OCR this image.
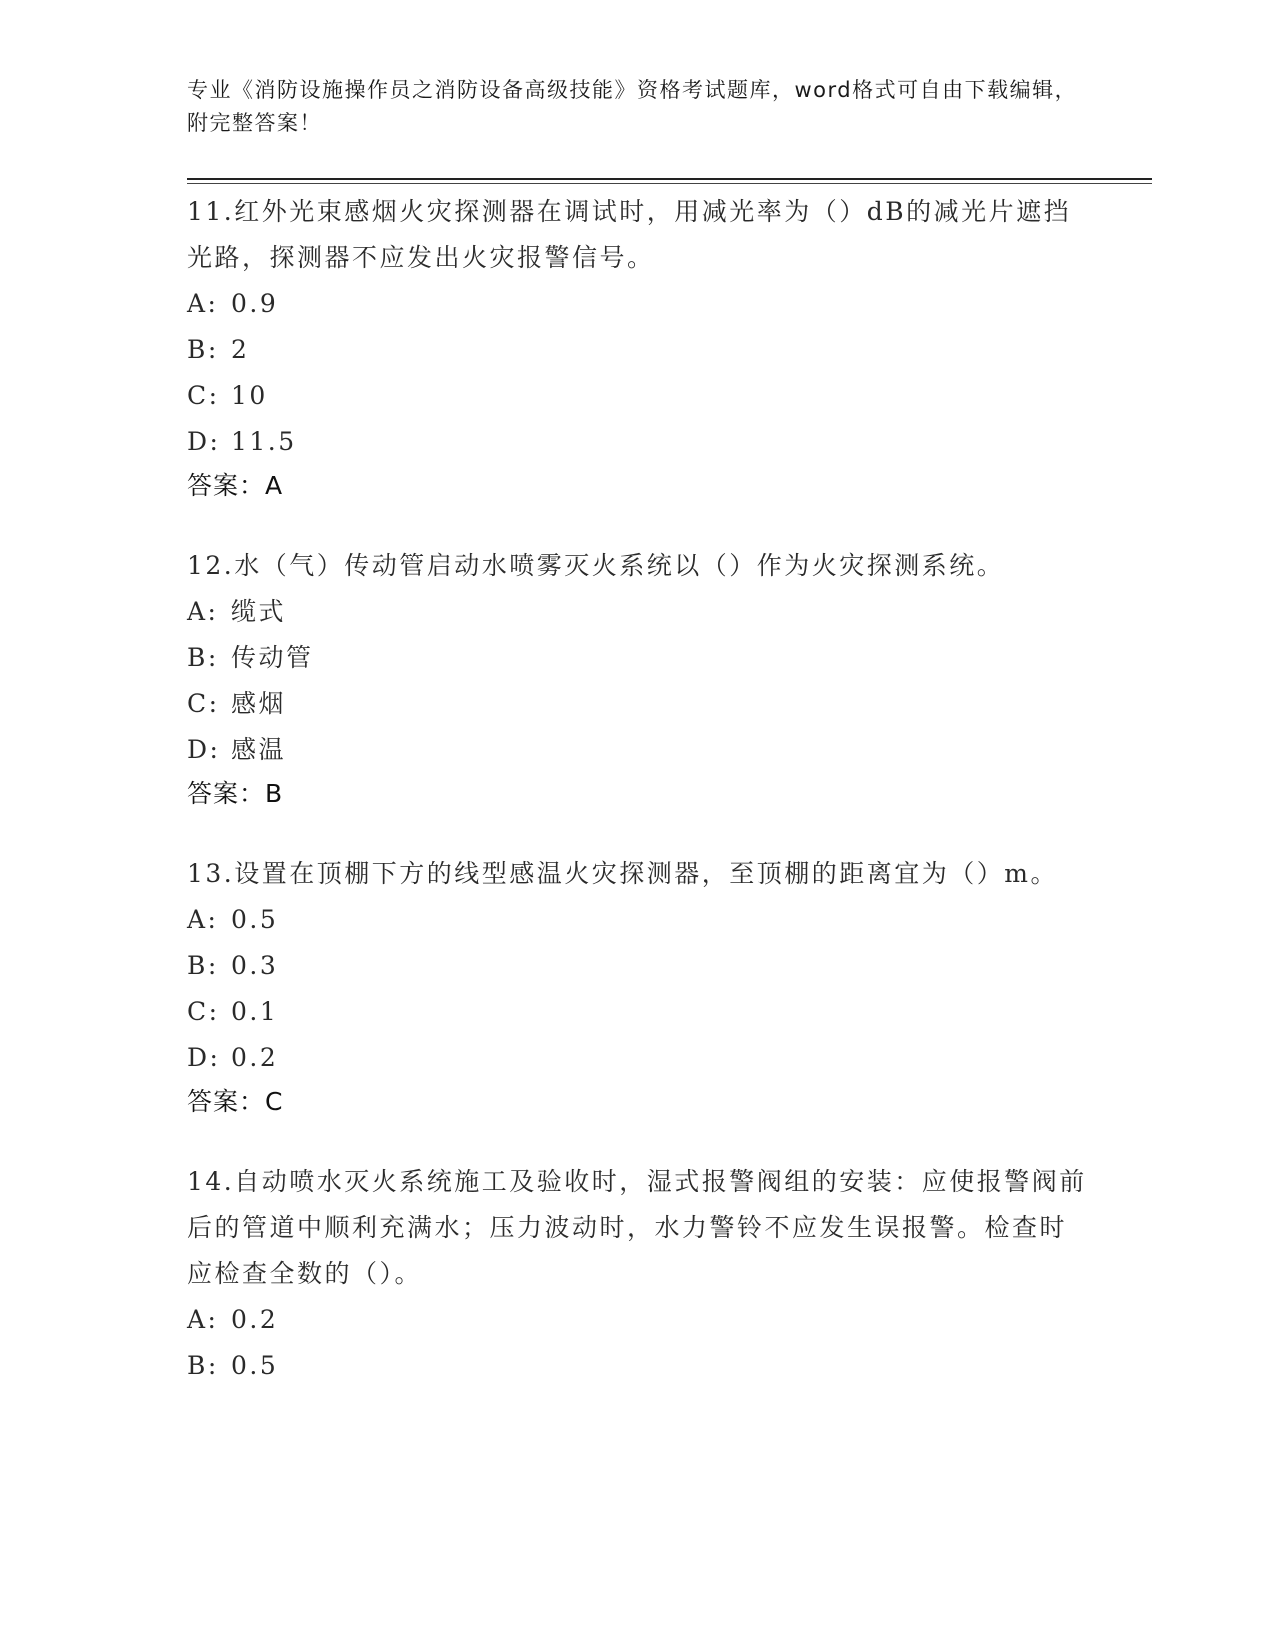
专业《消防设施操作员之消防设备高级技能》资格考试题库，word格式可自由下载编辑，附完整答案！
11.红外光束感烟火灾探测器在调试时，用减光率为（）dB的减光片遮挡光路，探测器不应发出火灾报警信号。
A: 0.9
B: 2
C: 10
D: 11.5
答案：A
12.水（气）传动管启动水喷雾灭火系统以（）作为火灾探测系统。
A: 缆式
B: 传动管
C: 感烟
D: 感温
答案：B
13.设置在顶棚下方的线型感温火灾探测器，至顶棚的距离宜为（）m。
A: 0.5
B: 0.3
C: 0.1
D: 0.2
答案：C
14.自动喷水灭火系统施工及验收时，湿式报警阀组的安装：应使报警阀前后的管道中顺利充满水；压力波动时，水力警铃不应发生误报警。检查时应检查全数的（）。
A: 0.2
B: 0.5
